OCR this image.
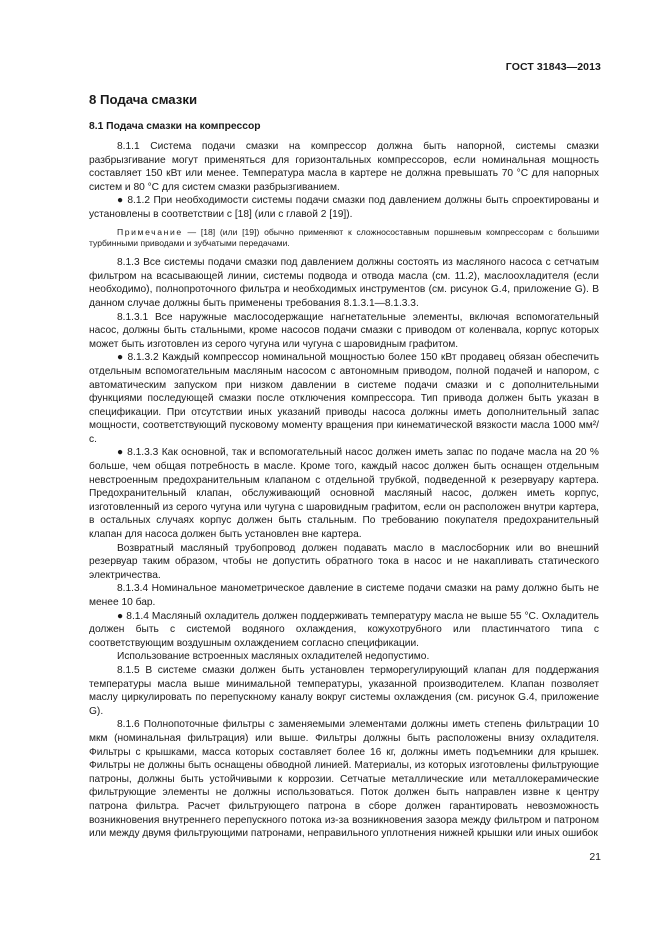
ГОСТ 31843—2013
8 Подача смазки
8.1 Подача смазки на компрессор

8.1.1 Система подачи смазки на компрессор должна быть напорной, системы смазки разбрызгивание могут применяться для горизонтальных компрессоров, если номинальная мощность составляет 150 кВт или менее. Температура масла в картере не должна превышать 70 °С для напорных систем и 80 °С для систем смазки разбрызгиванием.

● 8.1.2 При необходимости системы подачи смазки под давлением должны быть спроектированы и установлены в соответствии с [18] (или с главой 2 [19]).

Примечание — [18] (или [19]) обычно применяют к сложносоставным поршневым компрессорам с большими турбинными приводами и зубчатыми передачами.

8.1.3 Все системы подачи смазки под давлением должны состоять из масляного насоса с сетчатым фильтром на всасывающей линии, системы подвода и отвода масла (см. 11.2), маслоохладителя (если необходимо), полнопроточного фильтра и необходимых инструментов (см. рисунок G.4, приложение G). В данном случае должны быть применены требования 8.1.3.1—8.1.3.3.

8.1.3.1 Все наружные маслосодержащие нагнетательные элементы, включая вспомогательный насос, должны быть стальными, кроме насосов подачи смазки с приводом от коленвала, корпус которых может быть изготовлен из серого чугуна или чугуна с шаровидным графитом.

● 8.1.3.2 Каждый компрессор номинальной мощностью более 150 кВт продавец обязан обеспечить отдельным вспомогательным масляным насосом с автономным приводом, полной подачей и напором, с автоматическим запуском при низком давлении в системе подачи смазки и с дополнительными функциями последующей смазки после отключения компрессора. Тип привода должен быть указан в спецификации. При отсутствии иных указаний приводы насоса должны иметь дополнительный запас мощности, соответствующий пусковому моменту вращения при кинематической вязкости масла 1000 мм²/с.

● 8.1.3.3 Как основной, так и вспомогательный насос должен иметь запас по подаче масла на 20 % больше, чем общая потребность в масле. Кроме того, каждый насос должен быть оснащен отдельным невстроенным предохранительным клапаном с отдельной трубкой, подведенной к резервуару картера. Предохранительный клапан, обслуживающий основной масляный насос, должен иметь корпус, изготовленный из серого чугуна или чугуна с шаровидным графитом, если он расположен внутри картера, в остальных случаях корпус должен быть стальным. По требованию покупателя предохранительный клапан для насоса должен быть установлен вне картера.

Возвратный масляный трубопровод должен подавать масло в маслосборник или во внешний резервуар таким образом, чтобы не допустить обратного тока в насос и не накапливать статического электричества.

8.1.3.4 Номинальное манометрическое давление в системе подачи смазки на раму должно быть не менее 10 бар.

● 8.1.4 Масляный охладитель должен поддерживать температуру масла не выше 55 °С. Охладитель должен быть с системой водяного охлаждения, кожухотрубного или пластинчатого типа с соответствующим воздушным охлаждением согласно спецификации.

Использование встроенных масляных охладителей недопустимо.

8.1.5 В системе смазки должен быть установлен терморегулирующий клапан для поддержания температуры масла выше минимальной температуры, указанной производителем. Клапан позволяет маслу циркулировать по перепускному каналу вокруг системы охлаждения (см. рисунок G.4, приложение G).

8.1.6 Полнопоточные фильтры с заменяемыми элементами должны иметь степень фильтрации 10 мкм (номинальная фильтрация) или выше. Фильтры должны быть расположены внизу охладителя. Фильтры с крышками, масса которых составляет более 16 кг, должны иметь подъемники для крышек. Фильтры не должны быть оснащены обводной линией. Материалы, из которых изготовлены фильтрующие патроны, должны быть устойчивыми к коррозии. Сетчатые металлические или металлокерамические фильтрующие элементы не должны использоваться. Поток должен быть направлен извне к центру патрона фильтра. Расчет фильтрующего патрона в сборе должен гарантировать невозможность возникновения внутреннего перепускного потока из-за возникновения зазора между фильтром и патроном или между двумя фильтрующими патронами, неправильного уплотнения нижней крышки или иных ошибок

21
